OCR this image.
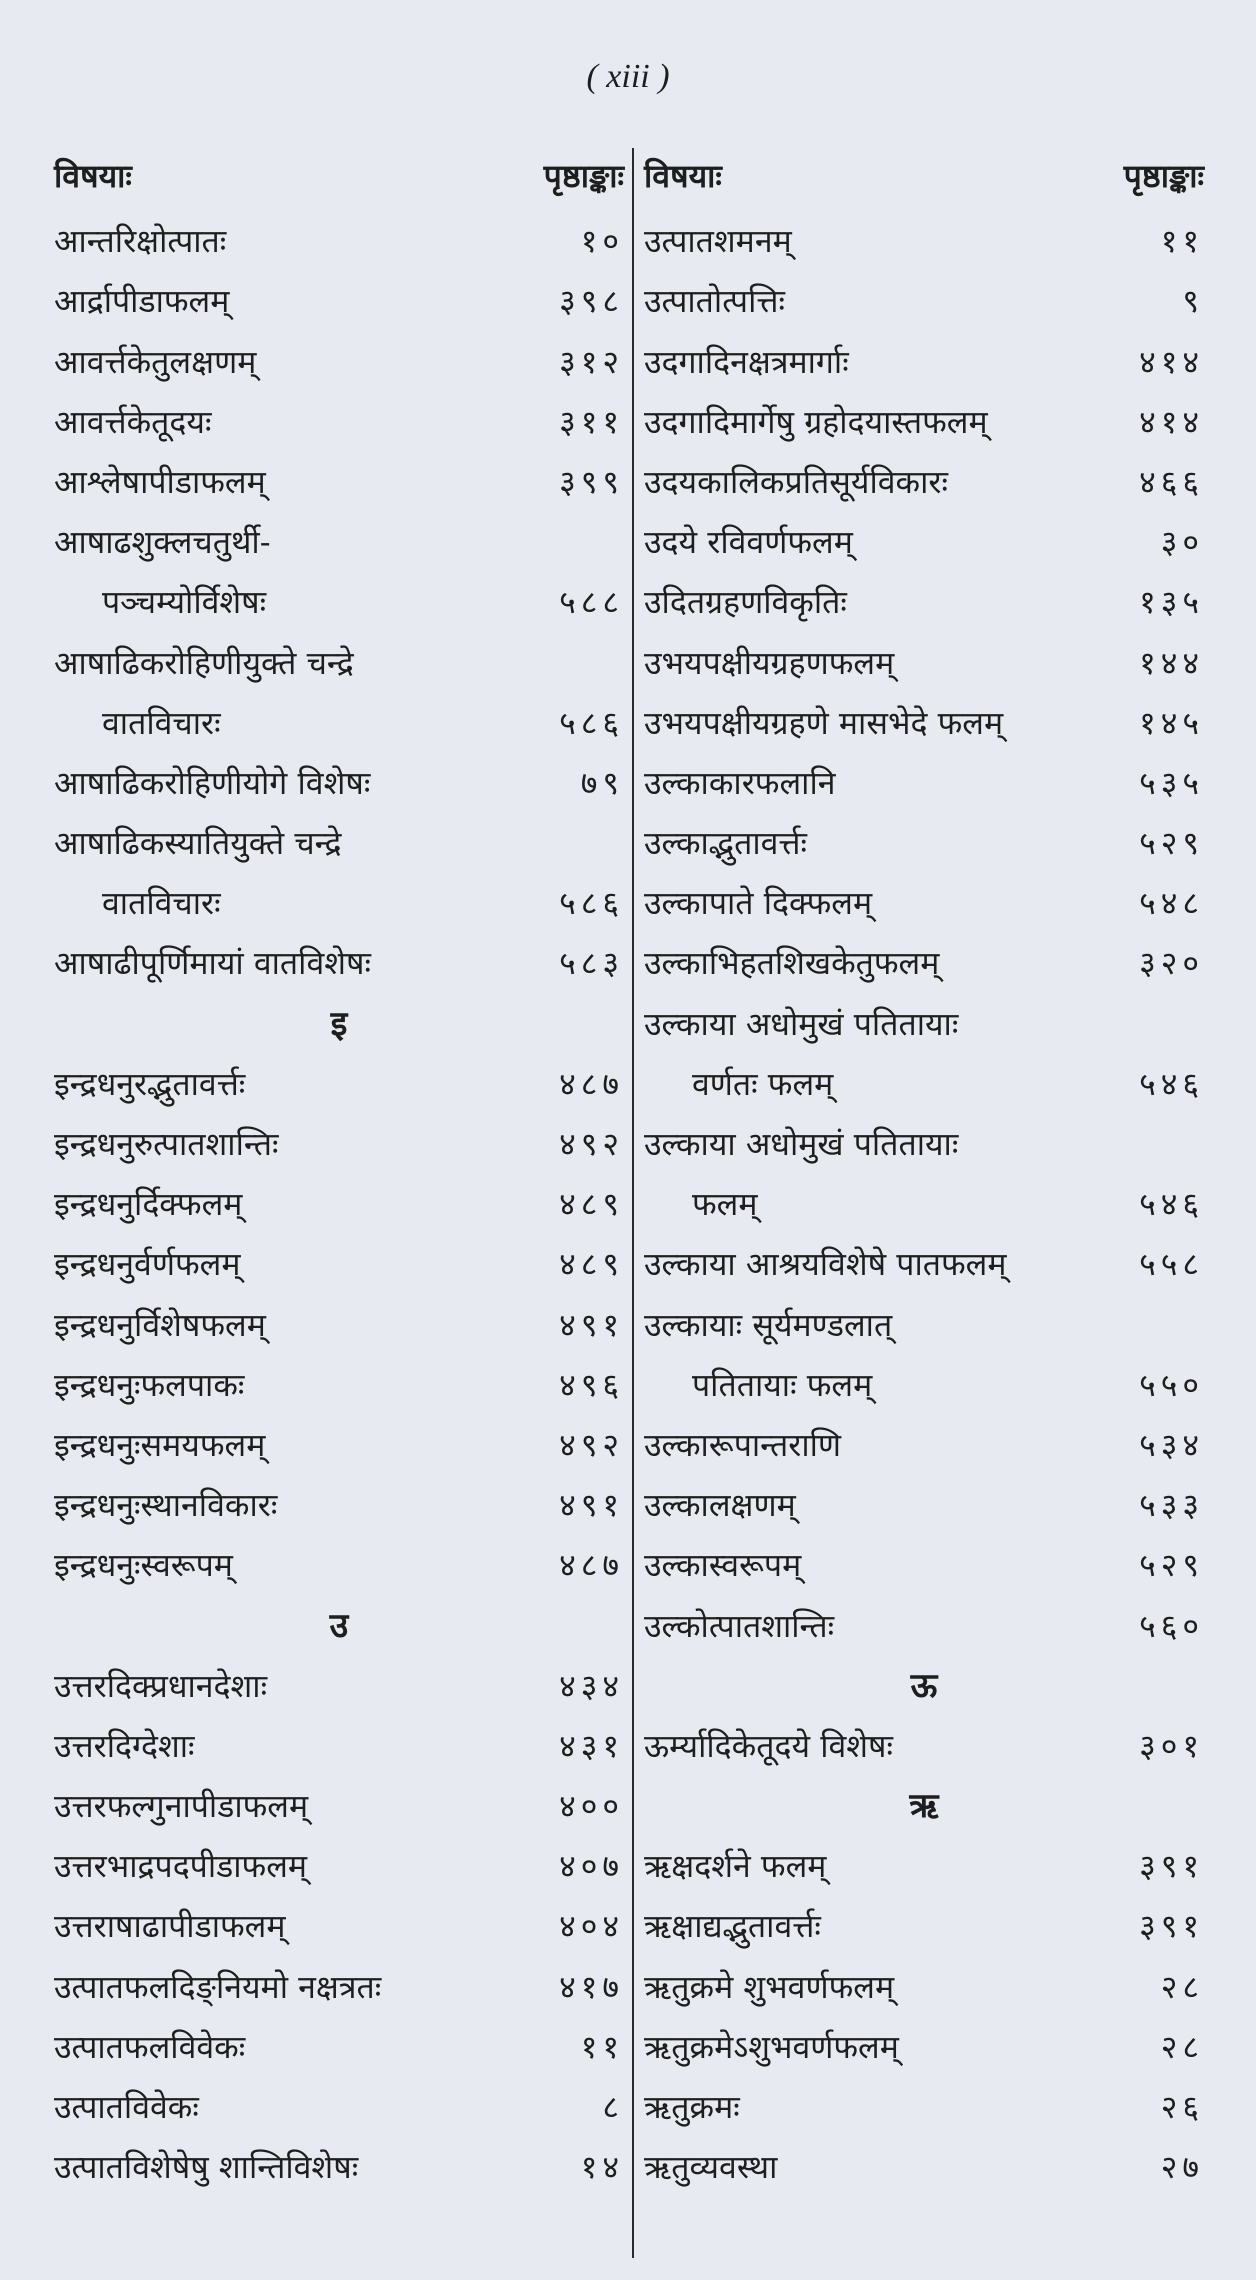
( xiii )
विषयाः	पृष्ठाङ्काः
आन्तरिक्षोत्पातः	१०
आर्द्रापीडाफलम्	३९८
आवर्त्तकेतुलक्षणम्	३१२
आवर्त्तकेतूदयः	३११
आश्लेषापीडाफलम्	३९९
आषाढशुक्लचतुर्थी-
पञ्चम्योर्विशेषः	५८८
आषाढिकरोहिणीयुक्ते चन्द्रे
वातविचारः	५८६
आषाढिकरोहिणीयोगे विशेषः	७९
आषाढिकस्यातियुक्ते चन्द्रे
वातविचारः	५८६
आषाढीपूर्णिमायां वातविशेषः	५८३
इ
इन्द्रधनुरद्भुतावर्त्तः	४८७
इन्द्रधनुरुत्पातशान्तिः	४९२
इन्द्रधनुर्दिक्फलम्	४८९
इन्द्रधनुर्वर्णफलम्	४८९
इन्द्रधनुर्विशेषफलम्	४९१
इन्द्रधनुःफलपाकः	४९६
इन्द्रधनुःसमयफलम्	४९२
इन्द्रधनुःस्थानविकारः	४९१
इन्द्रधनुःस्वरूपम्	४८७
उ
उत्तरदिक्प्रधानदेशाः	४३४
उत्तरदिग्देशाः	४३१
उत्तरफल्गुनापीडाफलम्	४००
उत्तरभाद्रपदपीडाफलम्	४०७
उत्तराषाढापीडाफलम्	४०४
उत्पातफलदिङ्नियमो नक्षत्रतः	४१७
उत्पातफलविवेकः	११
उत्पातविवेकः	८
उत्पातविशेषेषु शान्तिविशेषः	१४
विषयाः	पृष्ठाङ्काः
उत्पातशमनम्	११
उत्पातोत्पत्तिः	९
उदगादिनक्षत्रमार्गाः	४१४
उदगादिमार्गेषु ग्रहोदयास्तफलम्	४१४
उदयकालिकप्रतिसूर्यविकारः	४६६
उदये रविवर्णफलम्	३०
उदितग्रहणविकृतिः	१३५
उभयपक्षीयग्रहणफलम्	१४४
उभयपक्षीयग्रहणे मासभेदे फलम्	१४५
उल्काकारफलानि	५३५
उल्काद्भुतावर्त्तः	५२९
उल्कापाते दिक्फलम्	५४८
उल्काभिहतशिखकेतुफलम्	३२०
उल्काया अधोमुखं पतितायाः
वर्णतः फलम्	५४६
उल्काया अधोमुखं पतितायाः
फलम्	५४६
उल्काया आश्रयविशेषे पातफलम्	५५८
उल्कायाः सूर्यमण्डलात्
पतितायाः फलम्	५५०
उल्कारूपान्तराणि	५३४
उल्कालक्षणम्	५३३
उल्कास्वरूपम्	५२९
उल्कोत्पातशान्तिः	५६०
ऊ
ऊर्म्यादिकेतूदये विशेषः	३०१
ऋ
ऋक्षदर्शने फलम्	३९१
ऋक्षाद्यद्भुतावर्त्तः	३९१
ऋतुक्रमे शुभवर्णफलम्	२८
ऋतुक्रमेऽशुभवर्णफलम्	२८
ऋतुक्रमः	२६
ऋतुव्यवस्था	२७
